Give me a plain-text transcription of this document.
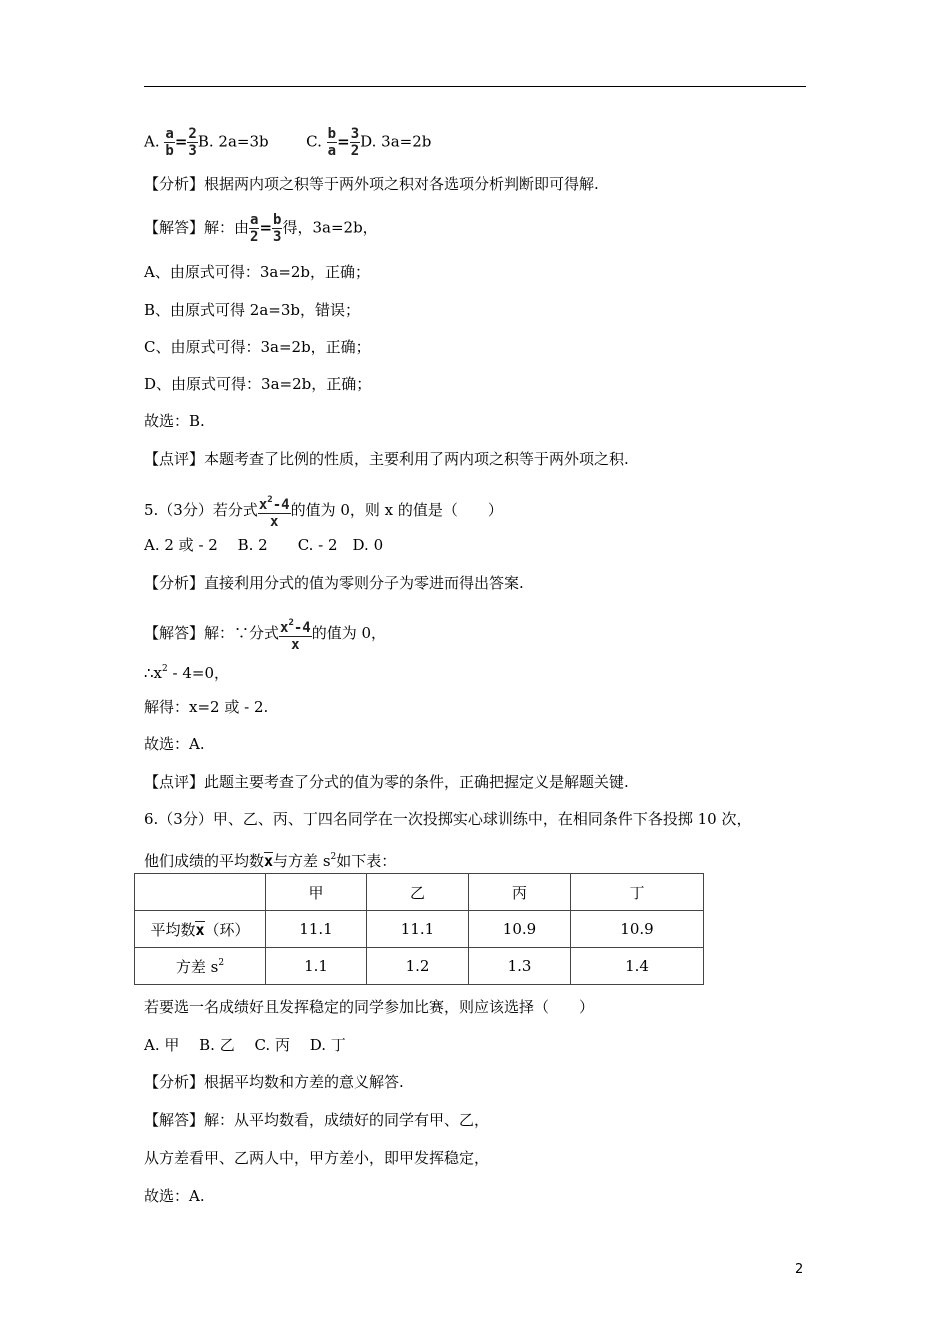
A. $\frac{a}{b} = \frac{2}{3} B$. 2a=3b	C. $\frac{b}{a} = \frac{3}{2} D$. 3a=2b
【分析】根据两内项之积等于两外项之积对各选项分析判断即可得解.
【解答】解：由 $\frac{a}{2} = \frac{b}{3}$ 得，3a=2b，
A、由原式可得：3a=2b，正确；
B、由原式可得 2a=3b，错误；
C、由原式可得：3a=2b，正确；
D、由原式可得：3a=2b，正确；
故选：B.
【点评】本题考查了比例的性质，主要利用了两内项之积等于两外项之积.
5.（3分）若分式 $\frac{x^2-4}{x}$ 的值为 0，则 x 的值是（　　）
A. 2 或 - 2　 B. 2　　C. - 2　D. 0
【分析】直接利用分式的值为零则分子为零进而得出答案.
【解答】解：∵分式 $\frac{x^2-4}{x}$ 的值为 0，
$\therefore x^2 - 4=0$，
解得：x=2 或 - 2.
故选：A.
【点评】此题主要考查了分式的值为零的条件，正确把握定义是解题关键.
6.（3分）甲、乙、丙、丁四名同学在一次投掷实心球训练中，在相同条件下各投掷 10 次，
他们成绩的平均数x与方差 $s^2$如下表：
	甲	乙	丙	丁
平均数x（环）	11.1	11.1	10.9	10.9
方差 $s^2$	1.1	1.2	1.3	1.4
若要选一名成绩好且发挥稳定的同学参加比赛，则应该选择（　　）
A. 甲　 B. 乙　 C. 丙　 D. 丁
【分析】根据平均数和方差的意义解答.
【解答】解：从平均数看，成绩好的同学有甲、乙，
从方差看甲、乙两人中，甲方差小，即甲发挥稳定，
故选：A.
2
